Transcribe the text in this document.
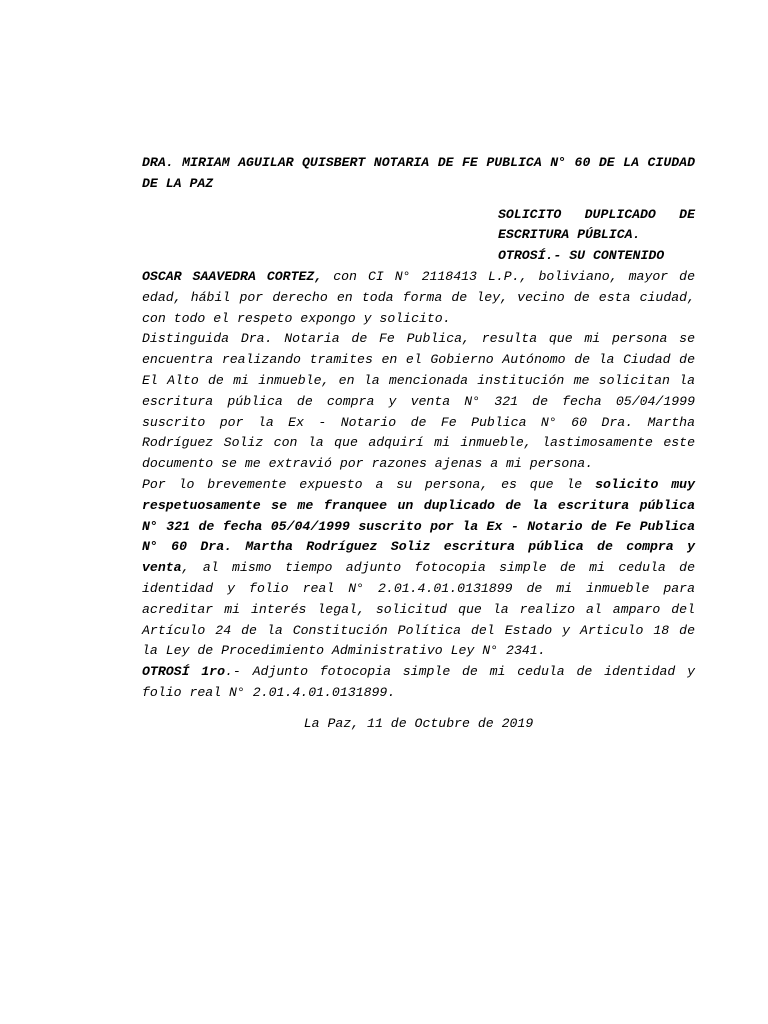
DRA. MIRIAM AGUILAR QUISBERT NOTARIA DE FE PUBLICA N° 60 DE LA CIUDAD DE LA PAZ

SOLICITO DUPLICADO DE
ESCRITURA PÚBLICA.
OTROSÍ.- SU CONTENIDO

OSCAR SAAVEDRA CORTEZ, con CI N° 2118413 L.P., boliviano, mayor de edad, hábil por derecho en toda forma de ley, vecino de esta ciudad, con todo el respeto expongo y solicito.

Distinguida Dra. Notaria de Fe Publica, resulta que mi persona se encuentra realizando tramites en el Gobierno Autónomo de la Ciudad de El Alto de mi inmueble, en la mencionada institución me solicitan la escritura pública de compra y venta N° 321 de fecha 05/04/1999 suscrito por la Ex - Notario de Fe Publica N° 60 Dra. Martha Rodríguez Soliz con la que adquirí mi inmueble, lastimosamente este documento se me extravió por razones ajenas a mi persona.

Por lo brevemente expuesto a su persona, es que le solicito muy respetuosamente se me franquee un duplicado de la escritura pública N° 321 de fecha 05/04/1999 suscrito por la Ex - Notario de Fe Publica N° 60 Dra. Martha Rodríguez Soliz escritura pública de compra y venta, al mismo tiempo adjunto fotocopia simple de mi cedula de identidad y folio real N° 2.01.4.01.0131899 de mi inmueble para acreditar mi interés legal, solicitud que la realizo al amparo del Artículo 24 de la Constitución Política del Estado y Articulo 18 de la Ley de Procedimiento Administrativo Ley N° 2341.

OTROSÍ 1ro.- Adjunto fotocopia simple de mi cedula de identidad y folio real N° 2.01.4.01.0131899.

La Paz, 11 de Octubre de 2019
